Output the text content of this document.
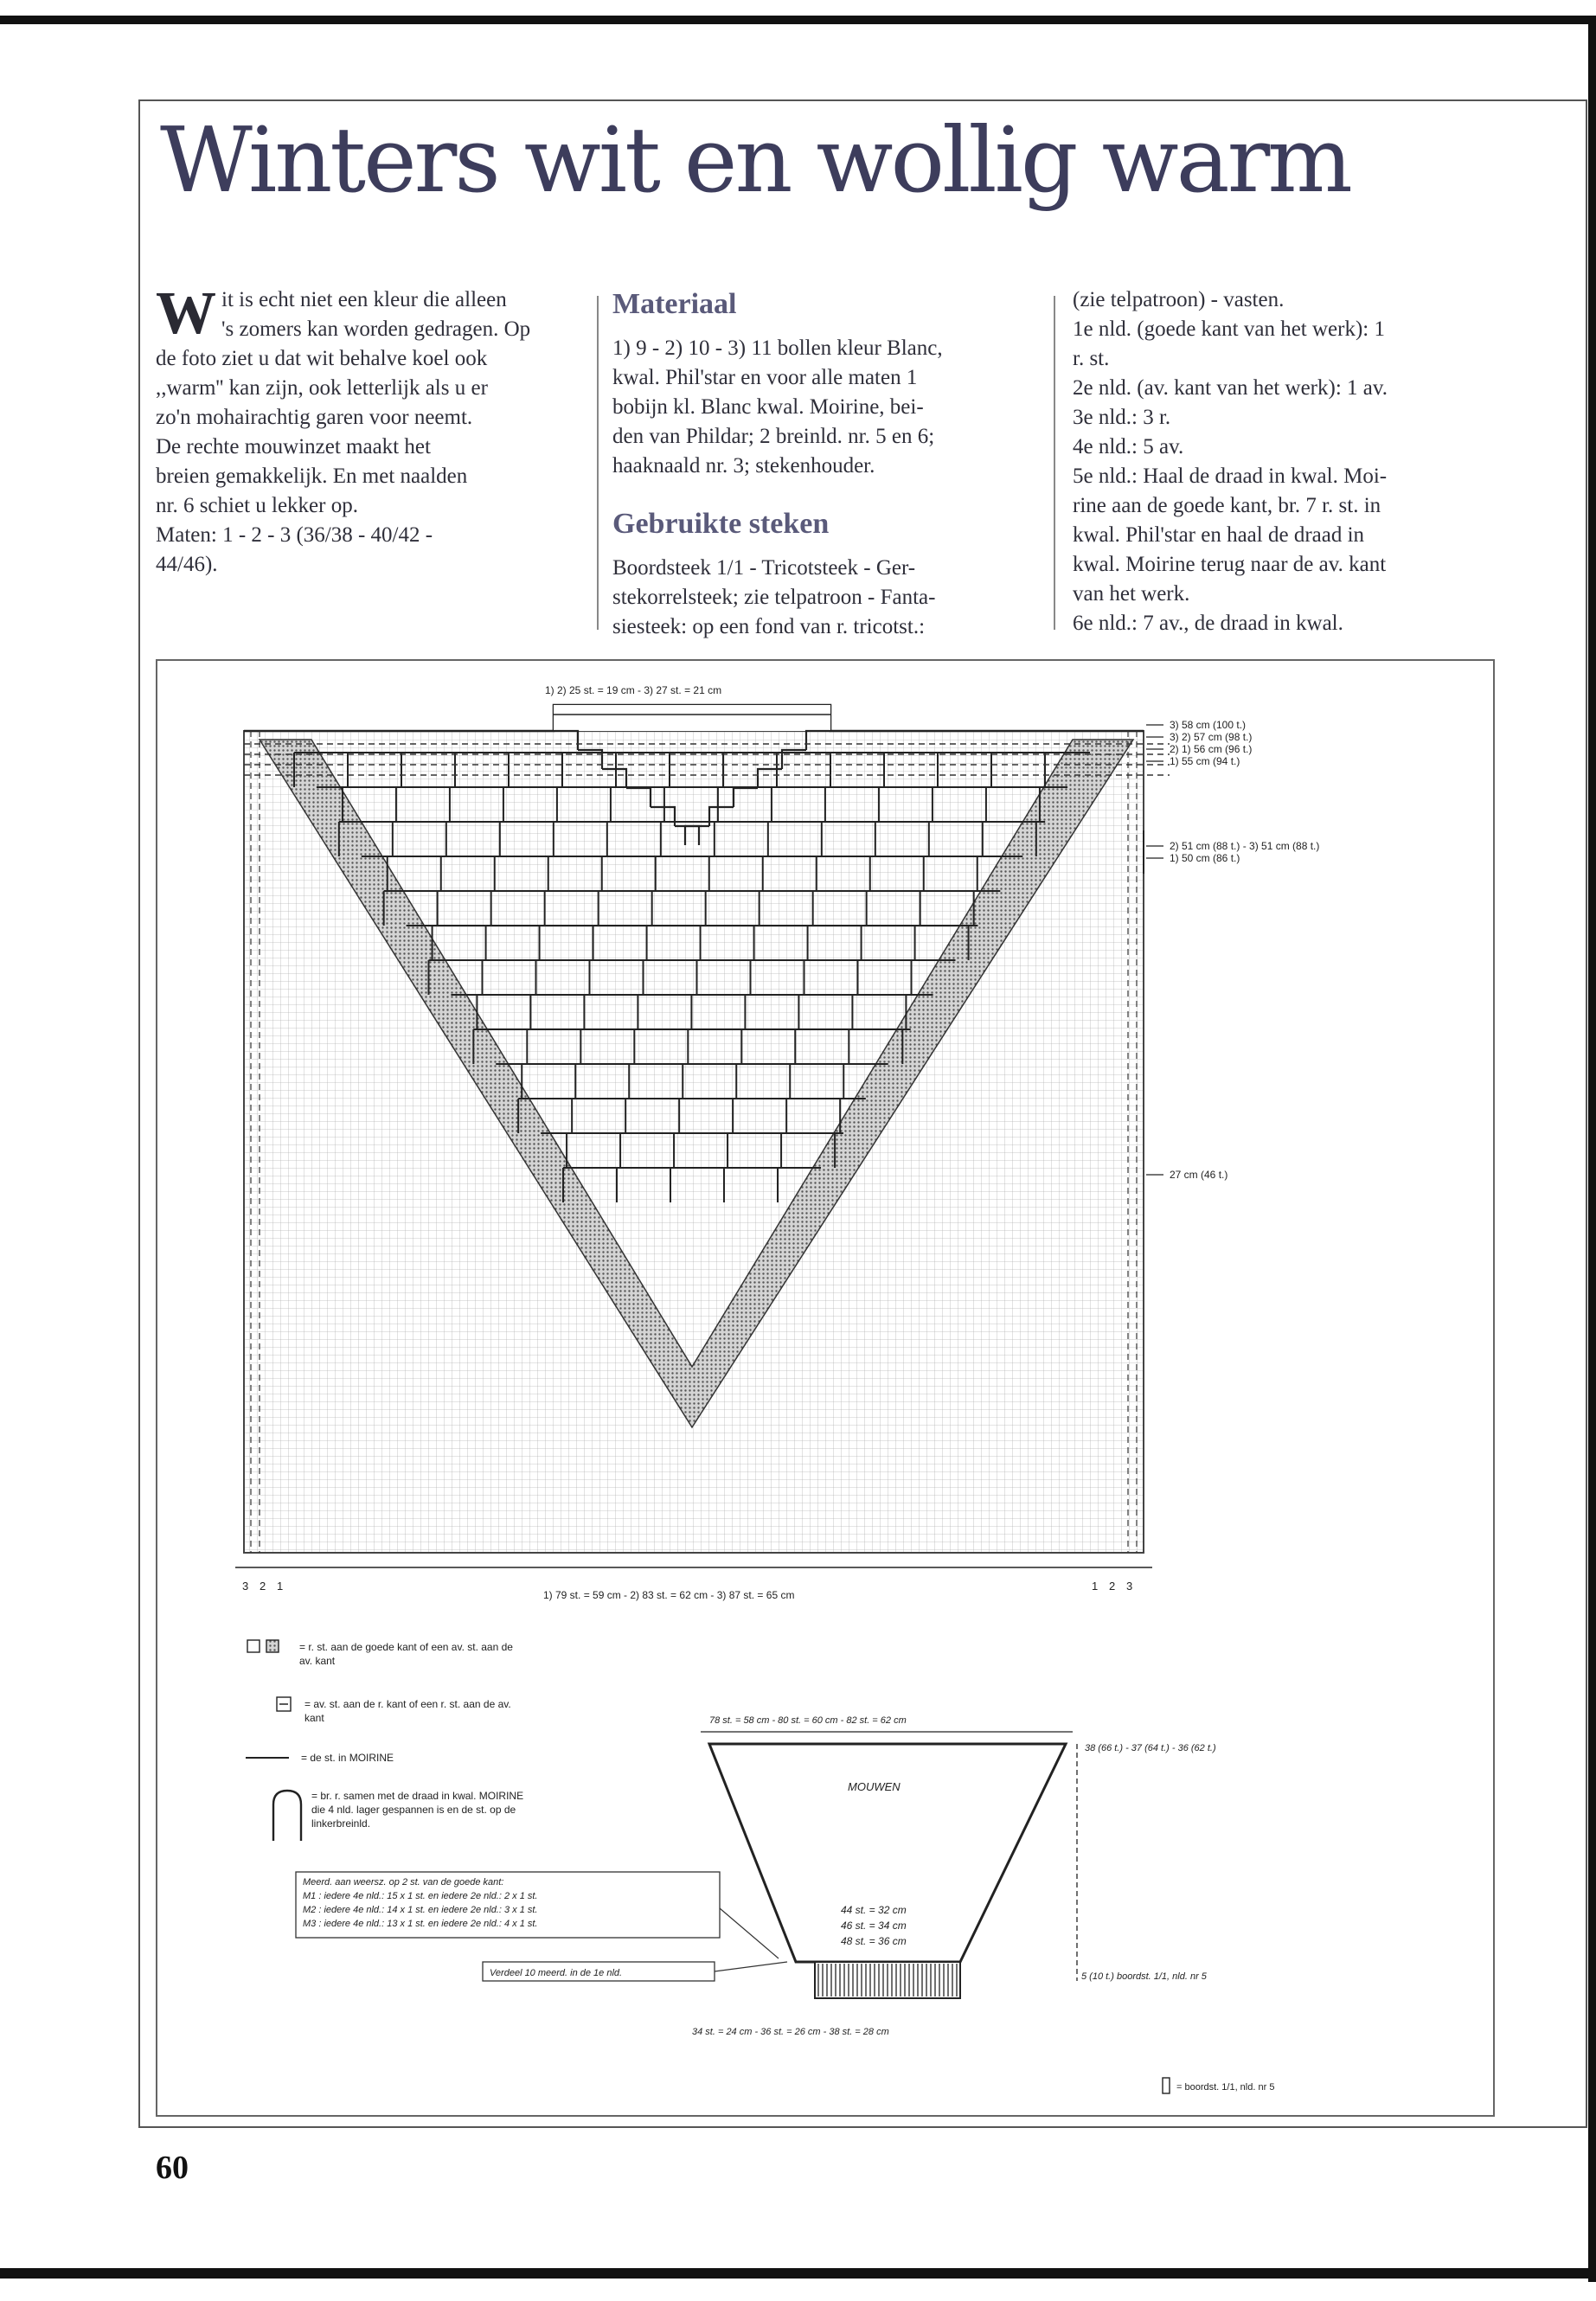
Winters wit en wollig warm
W it is echt niet een kleur die alleen

's zomers kan worden gedragen. Op

de foto ziet u dat wit behalve koel ook

,,warm'' kan zijn, ook letterlijk als u er

zo'n mohairachtig garen voor neemt.

De rechte mouwinzet maakt het

breien gemakkelijk. En met naalden

nr. 6 schiet u lekker op.

Maten: 1 - 2 - 3 (36/38 - 40/42 -

44/46).

Materiaal

1) 9 - 2) 10 - 3) 11 bollen kleur Blanc,

kwal. Phil'star en voor alle maten 1

bobijn kl. Blanc kwal. Moirine, bei-

den van Phildar; 2 breinld. nr. 5 en 6;

haaknaald nr. 3; stekenhouder.

Gebruikte steken

Boordsteek 1/1 - Tricotsteek - Ger-

stekorrelsteek; zie telpatroon - Fanta-

siesteek: op een fond van r. tricotst.:

(zie telpatroon) - vasten.

1e nld. (goede kant van het werk): 1

r. st.

2e nld. (av. kant van het werk): 1 av.

3e nld.: 3 r.

4e nld.: 5 av.

5e nld.: Haal de draad in kwal. Moi-

rine aan de goede kant, br. 7 r. st. in

kwal. Phil'star en haal de draad in

kwal. Moirine terug naar de av. kant

van het werk.

6e nld.: 7 av., de draad in kwal.

1) 2) 25 st. = 19 cm - 3) 27 st. = 21 cm
3) 58 cm (100 t.)
3) 2) 57 cm (98 t.)
2) 1) 56 cm (96 t.)
1) 55 cm (94 t.)
2) 51 cm (88 t.) - 3) 51 cm (88 t.)
1) 50 cm (86 t.)
27 cm (46 t.)
1) 79 st. = 59 cm - 2) 83 st. = 62 cm - 3) 87 st. = 65 cm
3 2 1	1 2 3
= r. st. aan de goede kant of een av. st. aan de
av. kant
= av. st. aan de r. kant of een r. st. aan de av.
kant
= de st. in MOIRINE
= br. r. samen met de draad in kwal. MOIRINE
die 4 nld. lager gespannen is en de st. op de
linkerbreinld.
Meerd. aan weersz. op 2 st. van de goede kant:
M1 : iedere 4e nld.: 15 x 1 st. en iedere 2e nld.: 2 x 1 st.
M2 : iedere 4e nld.: 14 x 1 st. en iedere 2e nld.: 3 x 1 st.
M3 : iedere 4e nld.: 13 x 1 st. en iedere 2e nld.: 4 x 1 st.
Verdeel 10 meerd. in de 1e nld.
78 st. = 58 cm - 80 st. = 60 cm - 82 st. = 62 cm
38 (66 t.) - 37 (64 t.) - 36 (62 t.)
MOUWEN
44 st. = 32 cm
46 st. = 34 cm
48 st. = 36 cm
5 (10 t.) boordst. 1/1, nld. nr 5
34 st. = 24 cm - 36 st. = 26 cm - 38 st. = 28 cm
= boordst. 1/1, nld. nr 5
60
